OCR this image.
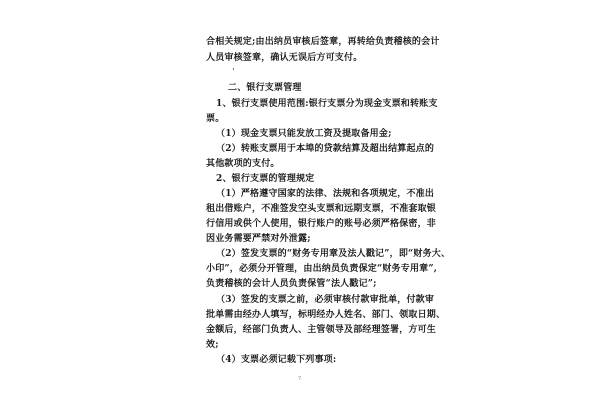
合相关规定;由出纳员审核后签章，再转给负责稽核的会计
人员审核签章，确认无误后方可支付。
‘
二、银行支票管理
1、银行支票使用范围:银行支票分为现金支票和转账支
票。
（1）现金支票只能发放工资及提取备用金;
（2）转账支票用于本埠的贷款结算及超出结算起点的
其他款项的支付。
2、银行支票的管理规定
（1）严格遵守国家的法律、法规和各项规定，不准出
租出借账户，不准签发空头支票和远期支票，不准套取银
行信用或供个人使用，银行账户的账号必须严格保密，非
因业务需要严禁对外泄露;
（2）签发支票的“财务专用章及法人戳记”，即“财务大、
小印”，必须分开管理，由出纳员负责保定“财务专用章”,
负责稽核的会计人员负责保管“法人戳记”;
（3）签发的支票之前，必须审核付款审批单，付款审
批单需由经办人填写，标明经办人姓名、部门、领取日期、
金额后，经部门负责人、主管领导及部经理签署，方可生
效;
（4）支票必须记载下列事项:
7
